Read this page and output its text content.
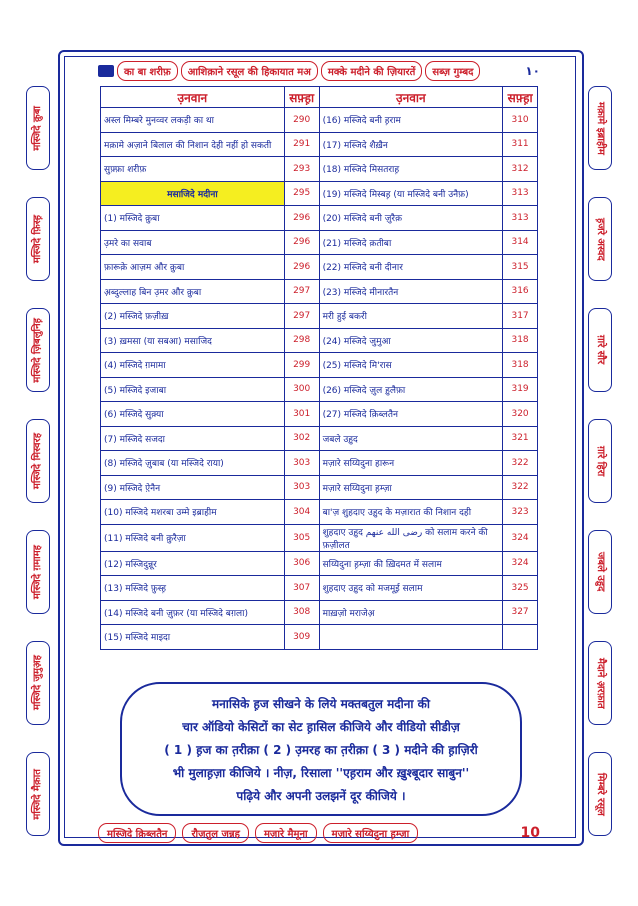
का बा शरीफ़	आशिक़ाने रसूल की हिकायात मअ	मक्के मदीने की ज़ियारतें	सब्ज़ गुम्बद	١٠
मस्जिदे क़ुबा
मस्जिदे फ़िस्ह़
मस्जिदे ज़िबलुनिह़
मस्जिदे मिस्वरह
मस्जिदे ग़मामह
मस्जिदे जुमुअ़ह
मस्जिदे मैक़ात
मक़ामे इब्राहीम
ह़जरे अस्वद
ग़ारे सौर
ग़ारे हिरा
जबले उह़ुद
मैदाने अ़रफ़ात
मिम्बरे रसूल
उ़नवान	सफ़्ह़ा	उ़नवान	सफ़्ह़ा
अस्ल मिम्बरे मुनव्वर लकड़ी का था	290	(16) मस्जिदे बनी ह़राम	310
मक़ामे अज़ाने बिलाल की निशान देही नहीं हो सकती	291	(17) मस्जिदे शैख़ैन	311
सुफ़्फ़ा शरीफ़	293	(18) मस्जिदे मिसतराह़	312
मसाजिदे मदीना	295	(19) मस्जिदे मिस्बह़ (या मस्जिदे बनी उनैफ़)	313
(1) मस्जिदे कु़बा	296	(20) मस्जिदे बनी ज़ुरैक़	313
उ़मरे का सवाब	296	(21) मस्जिदे क़तीबा	314
फ़ारूक़े आज़म और कु़बा	296	(22) मस्जिदे बनी दीनार	315
अ़ब्दुल्लाह बिन उ़मर और कु़बा	297	(23) मस्जिदे मीनारतैन	316
(2) मस्जिदे फ़ज़ीख़	297	मरी हुई बकरी	317
(3) ख़मसा (या सबआ) मसाजिद	298	(24) मस्जिदे जुमुआ	318
(4) मस्जिदे ग़मामा	299	(25) मस्जिदे मि'रास	318
(5) मस्जिदे इजाबा	300	(26) मस्जिदे ज़ुल ह़ुलैफ़ा	319
(6) मस्जिदे सुक़्या	301	(27) मस्जिदे क़िब्लतैन	320
(7) मस्जिदे सजदा	302	जबले उह़ुद	321
(8) मस्जिदे ज़ुबाब (या मस्जिदे राया)	303	मज़ारे सय्यिदुना हारून	322
(9) मस्जिदे ऐ़नैन	303	मज़ारे सय्यिदुना ह़म्ज़ा	322
(10) मस्जिदे मशरबा उम्मे इब्राहीम	304	बा'ज़ शुहदाए उह़ुद के मज़ारात की निशान दही	323
(11) मस्जिदे बनी कु़रैज़ा	305	शुहदाए उह़ुद ‎رضى الله عنهم‎ को सलाम करने की फ़ज़ीलत	324
(12) मस्जिदुन्नूर	306	सय्यिदुना ह़म्ज़ा की ख़िदमत में सलाम	324
(13) मस्जिदे फ़ुस्ह़	307	शुहदाए उह़ुद को मजमूई़ सलाम	325
(14) मस्जिदे बनी ज़ुफ़र (या मस्जिदे बग़ला)	308	माख़ज़ो मराजेअ़	327
(15) मस्जिदे माइदा	309		

मनासिके ह़ज सीखने के लिये मक्तबतुल मदीना की

चार ऑडियो केसिटों का सेट ह़ासिल कीजिये और वीडियो सीडीज़

( 1 ) ह़ज का त़रीक़ा ( 2 ) उ़मरह का त़रीक़ा ( 3 ) मदीने की ह़ाज़िरी

भी मुलाह़ज़ा कीजिये । नीज़, रिसाला ''एह़राम और ख़ुश्बूदार साबुन''

पढ़िये और अपनी उलझनें दूर कीजिये ।

मस्जिदे क़िब्लतैन	रौज़तुल जन्नह	मज़ारे मैमूना	मज़ारे सय्यिदुना ह़म्ज़ा	10
